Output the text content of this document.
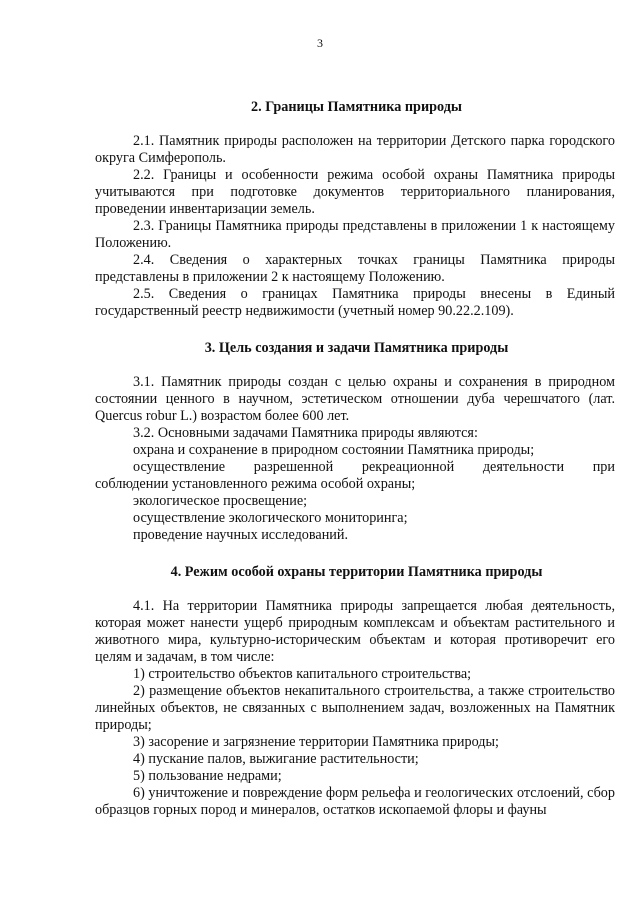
3
2. Границы Памятника природы

2.1. Памятник природы расположен на территории Детского парка городского округа Симферополь.

2.2. Границы и особенности режима особой охраны Памятника природы учитываются при подготовке документов территориального планирования, проведении инвентаризации земель.

2.3. Границы Памятника природы представлены в приложении 1 к настоящему Положению.

2.4. Сведения о характерных точках границы Памятника природы представлены в приложении 2 к настоящему Положению.

2.5. Сведения о границах Памятника природы внесены в Единый государственный реестр недвижимости (учетный номер 90.22.2.109).

3. Цель создания и задачи Памятника природы

3.1. Памятник природы создан с целью охраны и сохранения в природном состоянии ценного в научном, эстетическом отношении дуба черешчатого (лат. Quercus robur L.) возрастом более 600 лет.

3.2. Основными задачами Памятника природы являются:
охрана и сохранение в природном состоянии Памятника природы;
осуществление разрешенной рекреационной деятельности при
соблюдении установленного режима особой охраны;
экологическое просвещение;
осуществление экологического мониторинга;
проведение научных исследований.
4. Режим особой охраны территории Памятника природы

4.1. На территории Памятника природы запрещается любая деятельность, которая может нанести ущерб природным комплексам и объектам растительного и животного мира, культурно-историческим объектам и которая противоречит его целям и задачам, в том числе:

1) строительство объектов капитального строительства;

2) размещение объектов некапитального строительства, а также строительство линейных объектов, не связанных с выполнением задач, возложенных на Памятник природы;

3) засорение и загрязнение территории Памятника природы;
4) пускание палов, выжигание растительности;
5) пользование недрами;

6) уничтожение и повреждение форм рельефа и геологических отслоений, сбор образцов горных пород и минералов, остатков ископаемой флоры и фауны
